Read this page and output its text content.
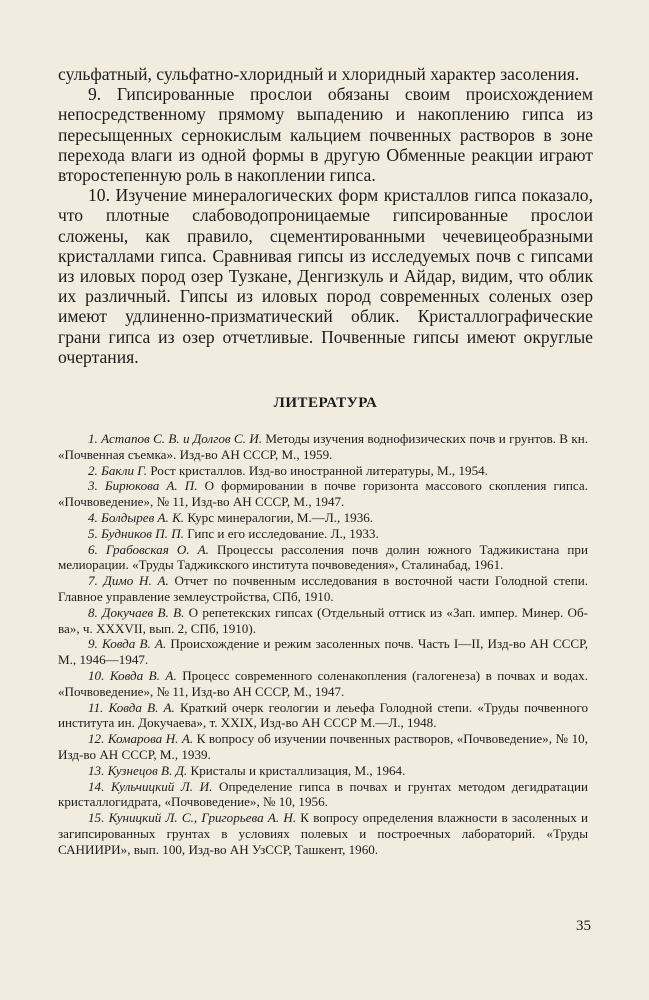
сульфатный, сульфатно-хлоридный и хлоридный характер засоления.

9. Гипсированные прослои обязаны своим происхождением непосредственному прямому выпадению и накоплению гипса из пересыщенных сернокислым кальцием почвенных растворов в зоне перехода влаги из одной формы в другую Обменные реакции играют второстепенную роль в накоплении гипса.

10. Изучение минералогических форм кристаллов гипса показало, что плотные слабоводопроницаемые гипсированные прослои сложены, как правило, сцементированными чечевицеобразными кристаллами гипса. Сравнивая гипсы из исследуемых почв с гипсами из иловых пород озер Тузкане, Денгизкуль и Айдар, видим, что облик их различный. Гипсы из иловых пород современных соленых озер имеют удлиненно-призматический облик. Кристаллографические грани гипса из озер отчетливые. Почвенные гипсы имеют округлые очертания.

ЛИТЕРАТУРА

1. Астапов С. В. и Долгов С. И. Методы изучения воднофизических почв и грунтов. В кн. «Почвенная съемка». Изд-во АН СССР, М., 1959.

2. Бакли Г. Рост кристаллов. Изд-во иностранной литературы, М., 1954.

3. Бирюкова А. П. О формировании в почве горизонта массового скопления гипса. «Почвоведение», № 11, Изд-во АН СССР, М., 1947.

4. Болдырев А. К. Курс минералогии, М.—Л., 1936.

5. Будников П. П. Гипс и его исследование. Л., 1933.

6. Грабовская О. А. Процессы рассоления почв долин южного Таджикистана при мелиорации. «Труды Таджикского института почвоведения», Сталинабад, 1961.

7. Димо Н. А. Отчет по почвенным исследования в восточной части Голодной степи. Главное управление землеустройства, СПб, 1910.

8. Докучаев В. В. О репетекских гипсах (Отдельный оттиск из «Зап. импер. Минер. Об-ва», ч. XXXVII, вып. 2, СПб, 1910).

9. Ковда В. А. Происхождение и режим засоленных почв. Часть I—II, Изд-во АН СССР, М., 1946—1947.

10. Ковда В. А. Процесс современного соленакопления (галогенеза) в почвах и водах. «Почвоведение», № 11, Изд-во АН СССР, М., 1947.

11. Ковда В. А. Краткий очерк геологии и леьефа Голодной степи. «Труды почвенного института ин. Докучаева», т. XXIX, Изд-во АН СССР М.—Л., 1948.

12. Комарова Н. А. К вопросу об изучении почвенных растворов, «Почвоведение», № 10, Изд-во АН СССР, М., 1939.

13. Кузнецов В. Д. Кристалы и кристаллизация, М., 1964.

14. Кульчицкий Л. И. Определение гипса в почвах и грунтах методом дегидратации кристаллогидрата, «Почвоведение», № 10, 1956.

15. Куницкий Л. С., Григорьева А. Н. К вопросу определения влажности в засоленных и загипсированных грунтах в условиях полевых и построечных лабораторий. «Труды САНИИРИ», вып. 100, Изд-во АН УзССР, Ташкент, 1960.

35
